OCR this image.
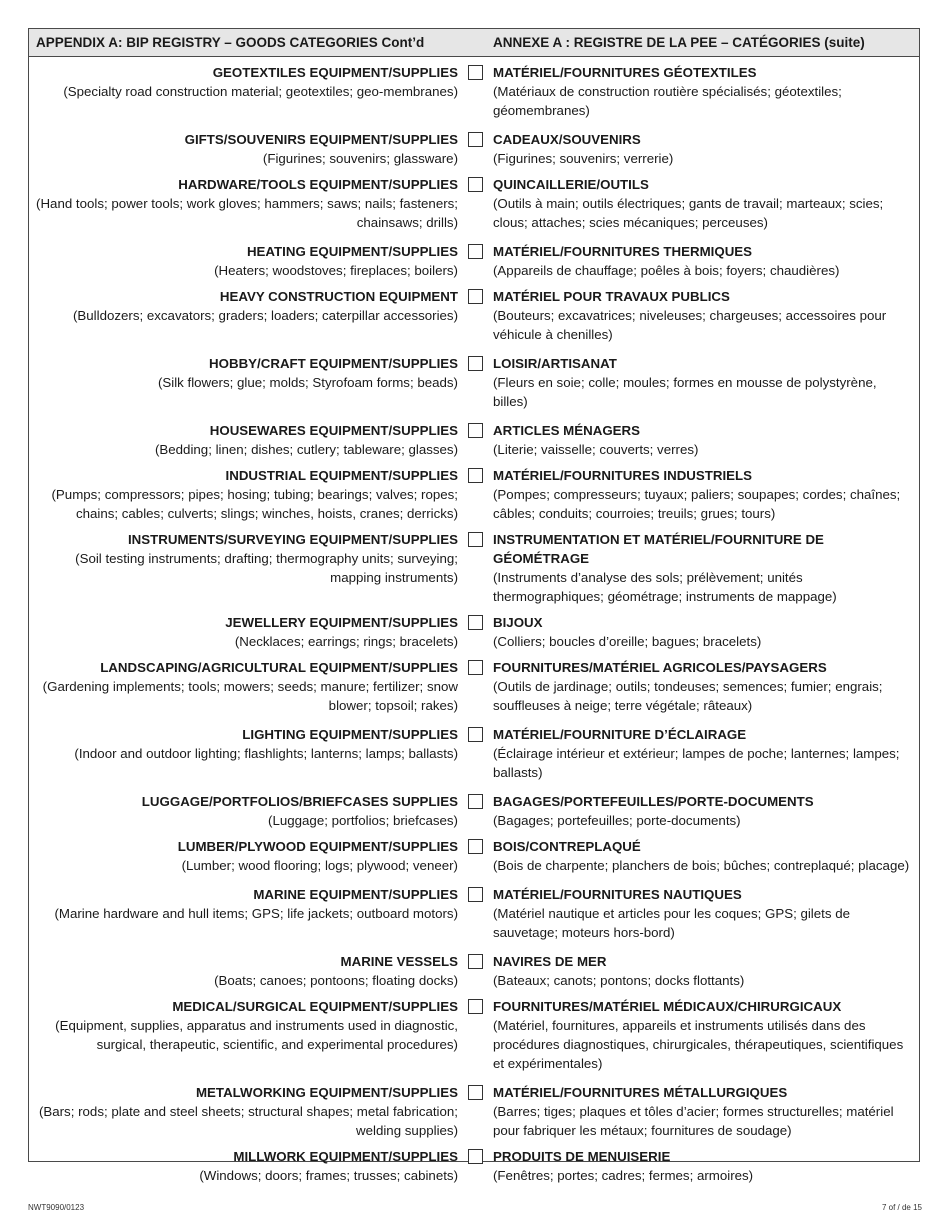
APPENDIX A: BIP REGISTRY – GOODS CATEGORIES Cont’d	ANNEXE A : REGISTRE DE LA PEE – CATÉGORIES (suite)
GEOTEXTILES EQUIPMENT/SUPPLIES
(Specialty road construction material; geotextiles; geo-membranes)
MATÉRIEL/FOURNITURES GÉOTEXTILES
(Matériaux de construction routière spécialisés; géotextiles; géomembranes)
GIFTS/SOUVENIRS EQUIPMENT/SUPPLIES
(Figurines; souvenirs; glassware)
CADEAUX/SOUVENIRS
(Figurines; souvenirs; verrerie)
HARDWARE/TOOLS EQUIPMENT/SUPPLIES
(Hand tools; power tools; work gloves; hammers; saws; nails; fasteners; chainsaws; drills)
QUINCAILLERIE/OUTILS
(Outils à main; outils électriques; gants de travail; marteaux; scies; clous; attaches; scies mécaniques; perceuses)
HEATING EQUIPMENT/SUPPLIES
(Heaters; woodstoves; fireplaces; boilers)
MATÉRIEL/FOURNITURES THERMIQUES
(Appareils de chauffage; poêles à bois; foyers; chaudières)
HEAVY CONSTRUCTION EQUIPMENT
(Bulldozers; excavators; graders; loaders; caterpillar accessories)
MATÉRIEL POUR TRAVAUX PUBLICS
(Bouteurs; excavatrices; niveleuses; chargeuses; accessoires pour véhicule à chenilles)
HOBBY/CRAFT EQUIPMENT/SUPPLIES
(Silk flowers; glue; molds; Styrofoam forms; beads)
LOISIR/ARTISANAT
(Fleurs en soie; colle; moules; formes en mousse de polystyrène, billes)
HOUSEWARES EQUIPMENT/SUPPLIES
(Bedding; linen; dishes; cutlery; tableware; glasses)
ARTICLES MÉNAGERS
(Literie; vaisselle; couverts; verres)
INDUSTRIAL EQUIPMENT/SUPPLIES
(Pumps; compressors; pipes; hosing; tubing; bearings; valves; ropes; chains; cables; culverts; slings; winches, hoists, cranes; derricks)
MATÉRIEL/FOURNITURES INDUSTRIELS
(Pompes; compresseurs; tuyaux; paliers; soupapes; cordes; chaînes; câbles; conduits; courroies; treuils; grues; tours)
INSTRUMENTS/SURVEYING EQUIPMENT/SUPPLIES
(Soil testing instruments; drafting; thermography units; surveying; mapping instruments)
INSTRUMENTATION ET MATÉRIEL/FOURNITURE DE GÉOMÉTRAGE
(Instruments d’analyse des sols; prélèvement; unités thermographiques; géométrage; instruments de mappage)
JEWELLERY EQUIPMENT/SUPPLIES
(Necklaces; earrings; rings; bracelets)
BIJOUX
(Colliers; boucles d’oreille; bagues; bracelets)
LANDSCAPING/AGRICULTURAL EQUIPMENT/SUPPLIES
(Gardening implements; tools; mowers; seeds; manure; fertilizer; snow blower; topsoil; rakes)
FOURNITURES/MATÉRIEL AGRICOLES/PAYSAGERS
(Outils de jardinage; outils; tondeuses; semences; fumier; engrais; souffleuses à neige; terre végétale; râteaux)
LIGHTING EQUIPMENT/SUPPLIES
(Indoor and outdoor lighting; flashlights; lanterns; lamps; ballasts)
MATÉRIEL/FOURNITURE D’ÉCLAIRAGE
(Éclairage intérieur et extérieur; lampes de poche; lanternes; lampes; ballasts)
LUGGAGE/PORTFOLIOS/BRIEFCASES SUPPLIES
(Luggage; portfolios; briefcases)
BAGAGES/PORTEFEUILLES/PORTE-DOCUMENTS
(Bagages; portefeuilles; porte-documents)
LUMBER/PLYWOOD EQUIPMENT/SUPPLIES
(Lumber; wood flooring; logs; plywood; veneer)
BOIS/CONTREPLAQUÉ
(Bois de charpente; planchers de bois; bûches; contreplaqué; placage)
MARINE EQUIPMENT/SUPPLIES
(Marine hardware and hull items; GPS; life jackets; outboard motors)
MATÉRIEL/FOURNITURES NAUTIQUES
(Matériel nautique et articles pour les coques; GPS; gilets de sauvetage; moteurs hors-bord)
MARINE VESSELS
(Boats; canoes; pontoons; floating docks)
NAVIRES DE MER
(Bateaux; canots; pontons; docks flottants)
MEDICAL/SURGICAL EQUIPMENT/SUPPLIES
(Equipment, supplies, apparatus and instruments used in diagnostic, surgical, therapeutic, scientific, and experimental procedures)
FOURNITURES/MATÉRIEL MÉDICAUX/CHIRURGICAUX
(Matériel, fournitures, appareils et instruments utilisés dans des procédures diagnostiques, chirurgicales, thérapeutiques, scientifiques et expérimentales)
METALWORKING EQUIPMENT/SUPPLIES
(Bars; rods; plate and steel sheets; structural shapes; metal fabrication; welding supplies)
MATÉRIEL/FOURNITURES MÉTALLURGIQUES
(Barres; tiges; plaques et tôles d’acier; formes structurelles; matériel pour fabriquer les métaux; fournitures de soudage)
MILLWORK EQUIPMENT/SUPPLIES
(Windows; doors; frames; trusses; cabinets)
PRODUITS DE MENUISERIE
(Fenêtres; portes; cadres; fermes; armoires)
NWT9090/0123	7 of / de 15
